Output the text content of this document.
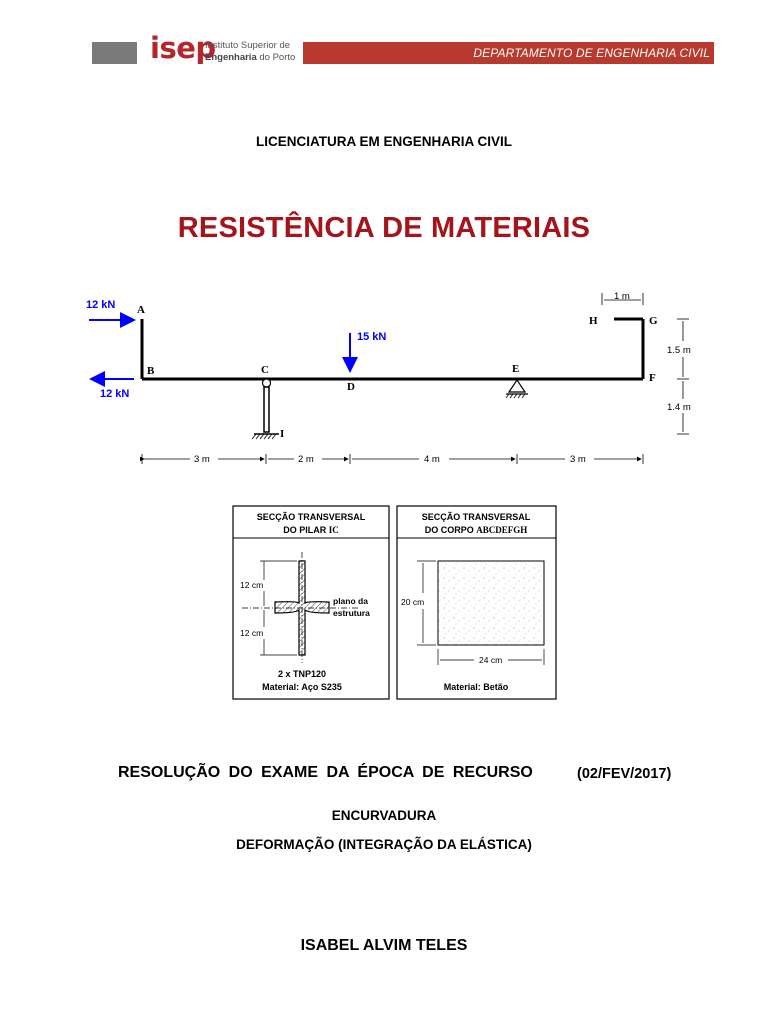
isep
Instituto Superior de
Engenharia do Porto	DEPARTAMENTO DE ENGENHARIA CIVIL
LICENCIATURA EM ENGENHARIA CIVIL
RESISTÊNCIA DE MATERIAIS
12 kN
12 kN
15 kN
A
B	C
D
E
F
G
H
I
3 m	2 m	4 m	3 m
1 m
1.5 m
1.4 m
SECÇÃO TRANSVERSAL
DO PILAR IC
12 cm
12 cm
plano da
estrutura
2 x TNP120
Material: Aço S235
SECÇÃO TRANSVERSAL
DO CORPO ABCDEFGH
20 cm
24 cm
Material: Betão
RESOLUÇÃO DO EXAME DA ÉPOCA DE RECURSO	(02/FEV/2017)
ENCURVADURA
DEFORMAÇÃO (INTEGRAÇÃO DA ELÁSTICA)
ISABEL ALVIM TELES
